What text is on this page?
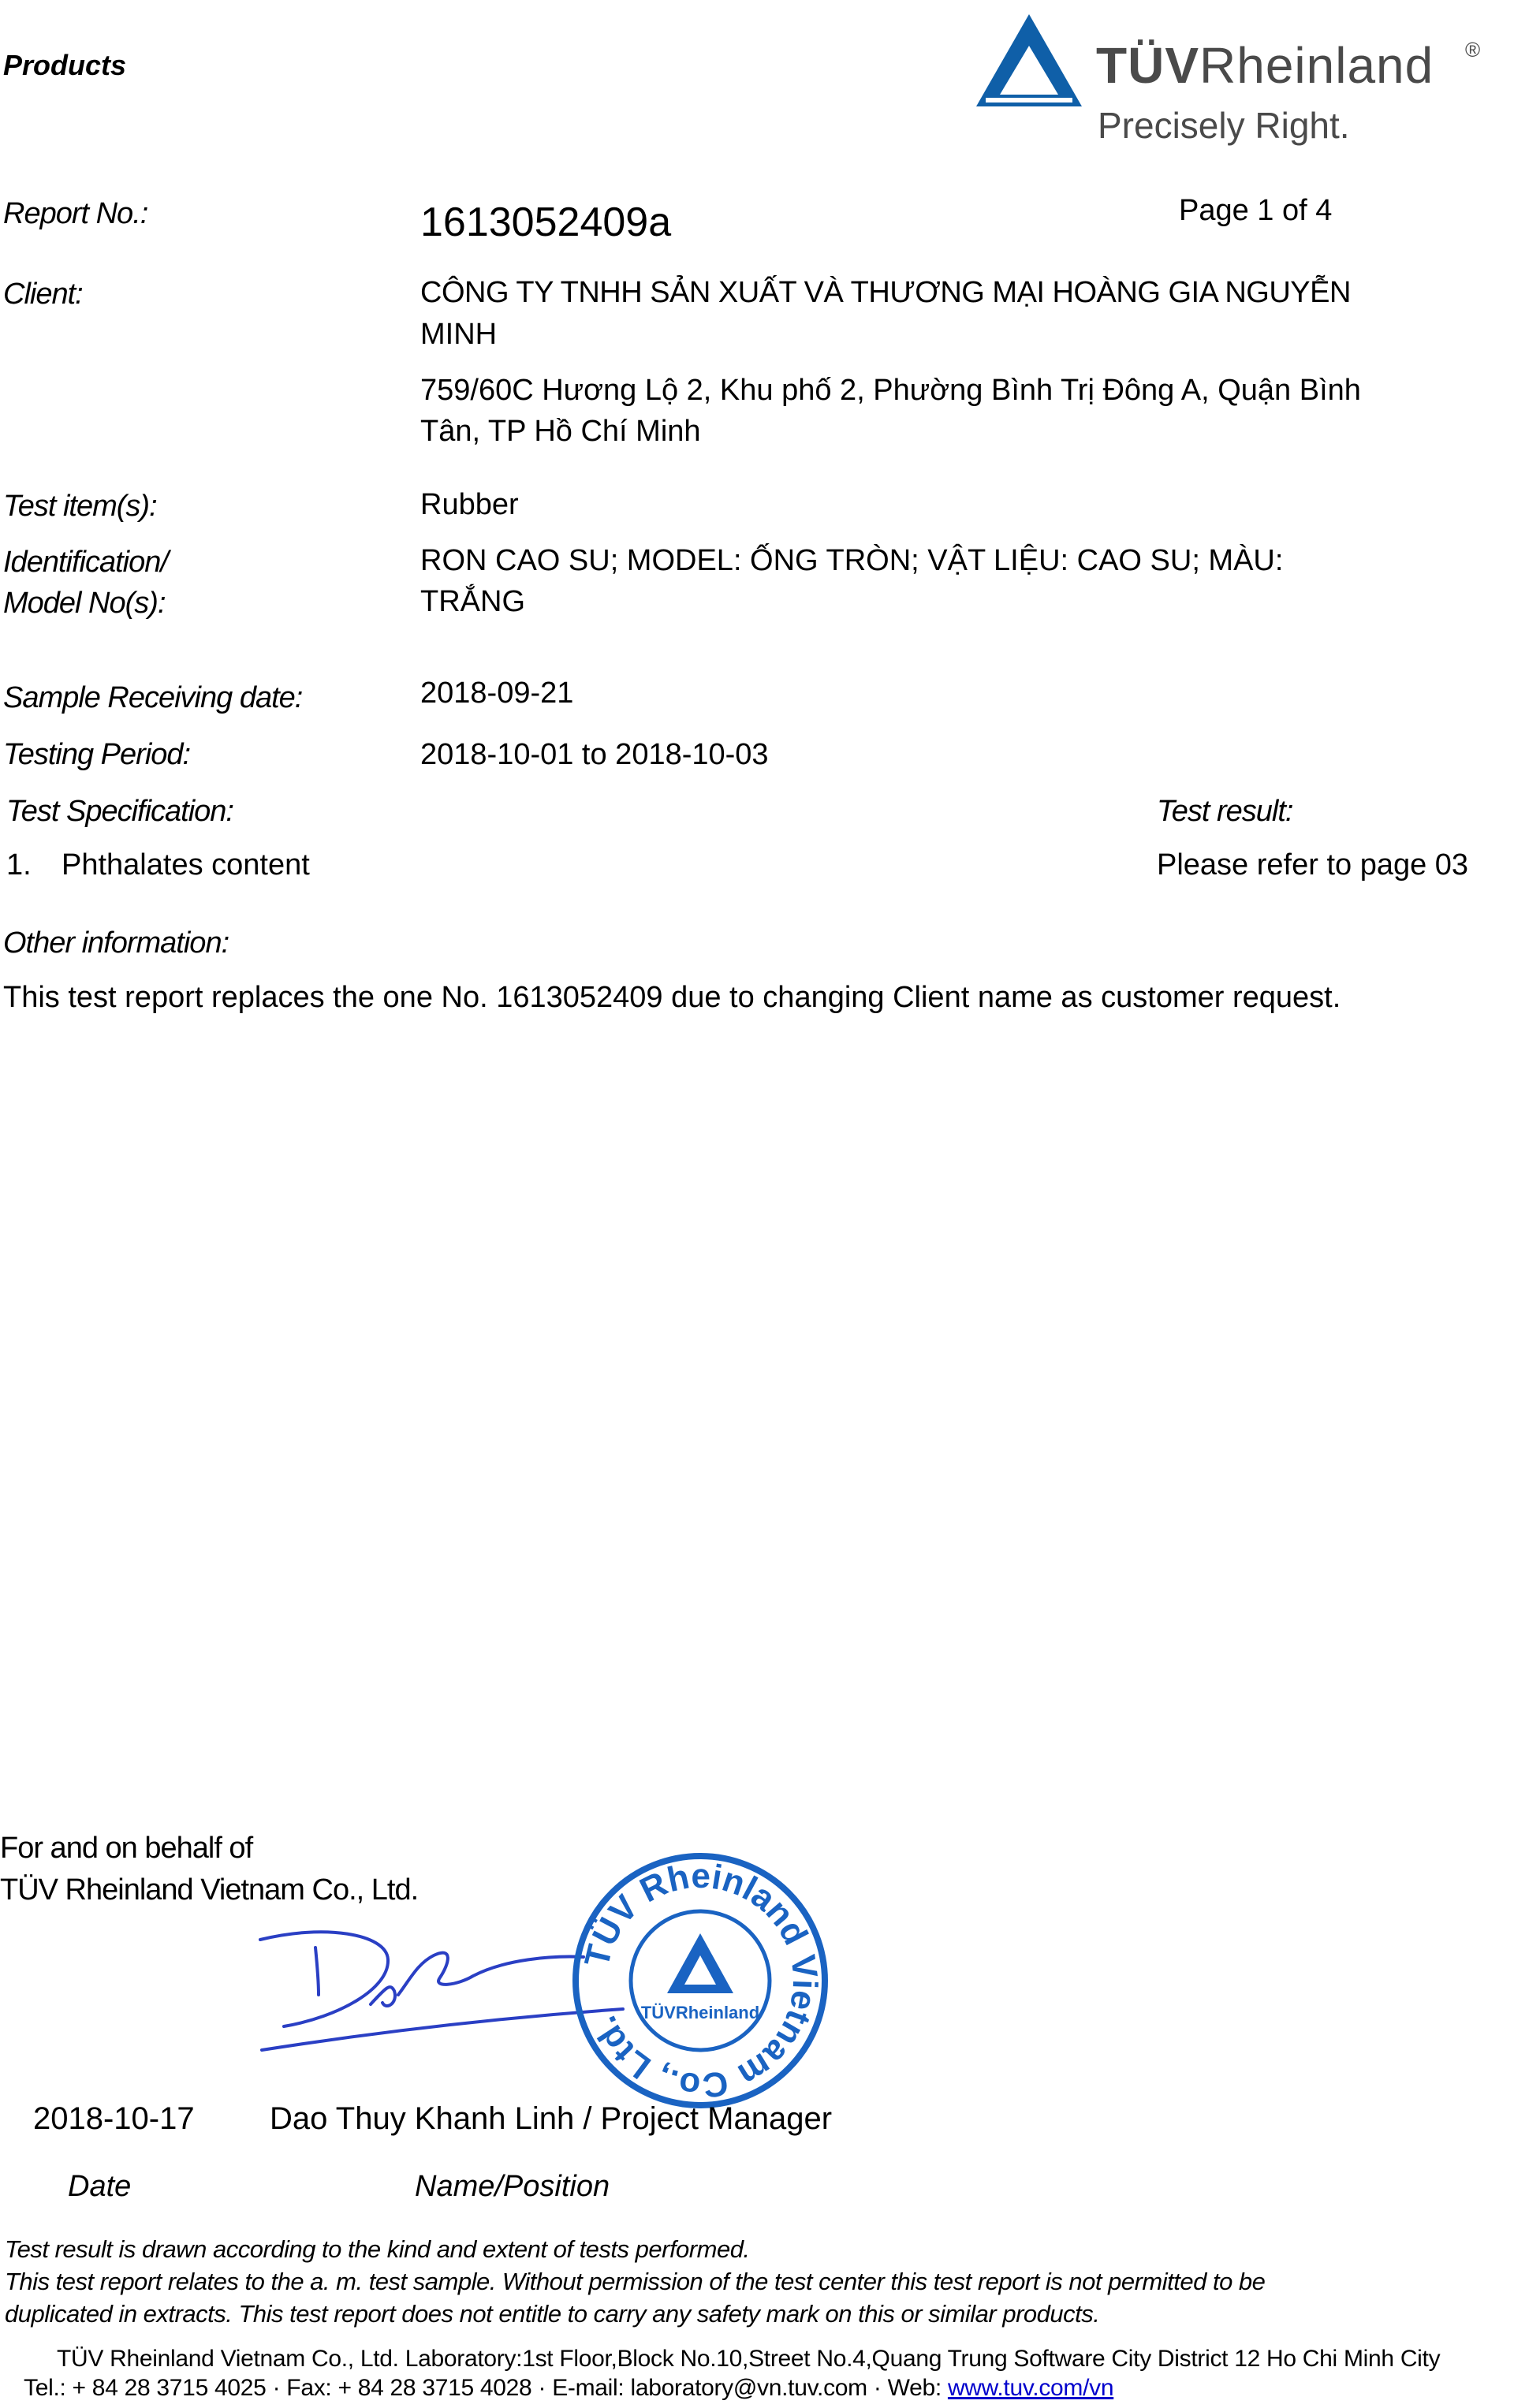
Products	TÜVRheinland ®
Precisely Right.
Report No.:	1613052409a	Page 1 of 4
Client:	CÔNG TY TNHH SẢN XUẤT VÀ THƯƠNG MẠI HOÀNG GIA NGUYỄN
MINH
759/60C Hương Lộ 2, Khu phố 2, Phường Bình Trị Đông A, Quận Bình
Tân, TP Hồ Chí Minh
Test item(s):	Rubber
Identification/
Model No(s):
RON CAO SU; MODEL: ỐNG TRÒN; VẬT LIỆU: CAO SU; MÀU:
TRẮNG
Sample Receiving date:	2018-09-21
Testing Period:	2018-10-01 to 2018-10-03
Test Specification:	Test result:
1. Phthalates content	Please refer to page 03
Other information:
This test report replaces the one No. 1613052409 due to changing Client name as customer request.
For and on behalf of
TÜV Rheinland Vietnam Co., Ltd.
TÜV Rheinland Vietnam Co., Ltd. TÜVRheinland
2018-10-17 Dao Thuy Khanh Linh / Project Manager
Date	Name/Position
Test result is drawn according to the kind and extent of tests performed.
This test report relates to the a. m. test sample. Without permission of the test center this test report is not permitted to be
duplicated in extracts. This test report does not entitle to carry any safety mark on this or similar products.
TÜV Rheinland Vietnam Co., Ltd. Laboratory:1st Floor,Block No.10,Street No.4,Quang Trung Software City District 12 Ho Chi Minh City
Tel.: + 84 28 3715 4025 · Fax: + 84 28 3715 4028 · E-mail: laboratory@vn.tuv.com · Web: www.tuv.com/vn
